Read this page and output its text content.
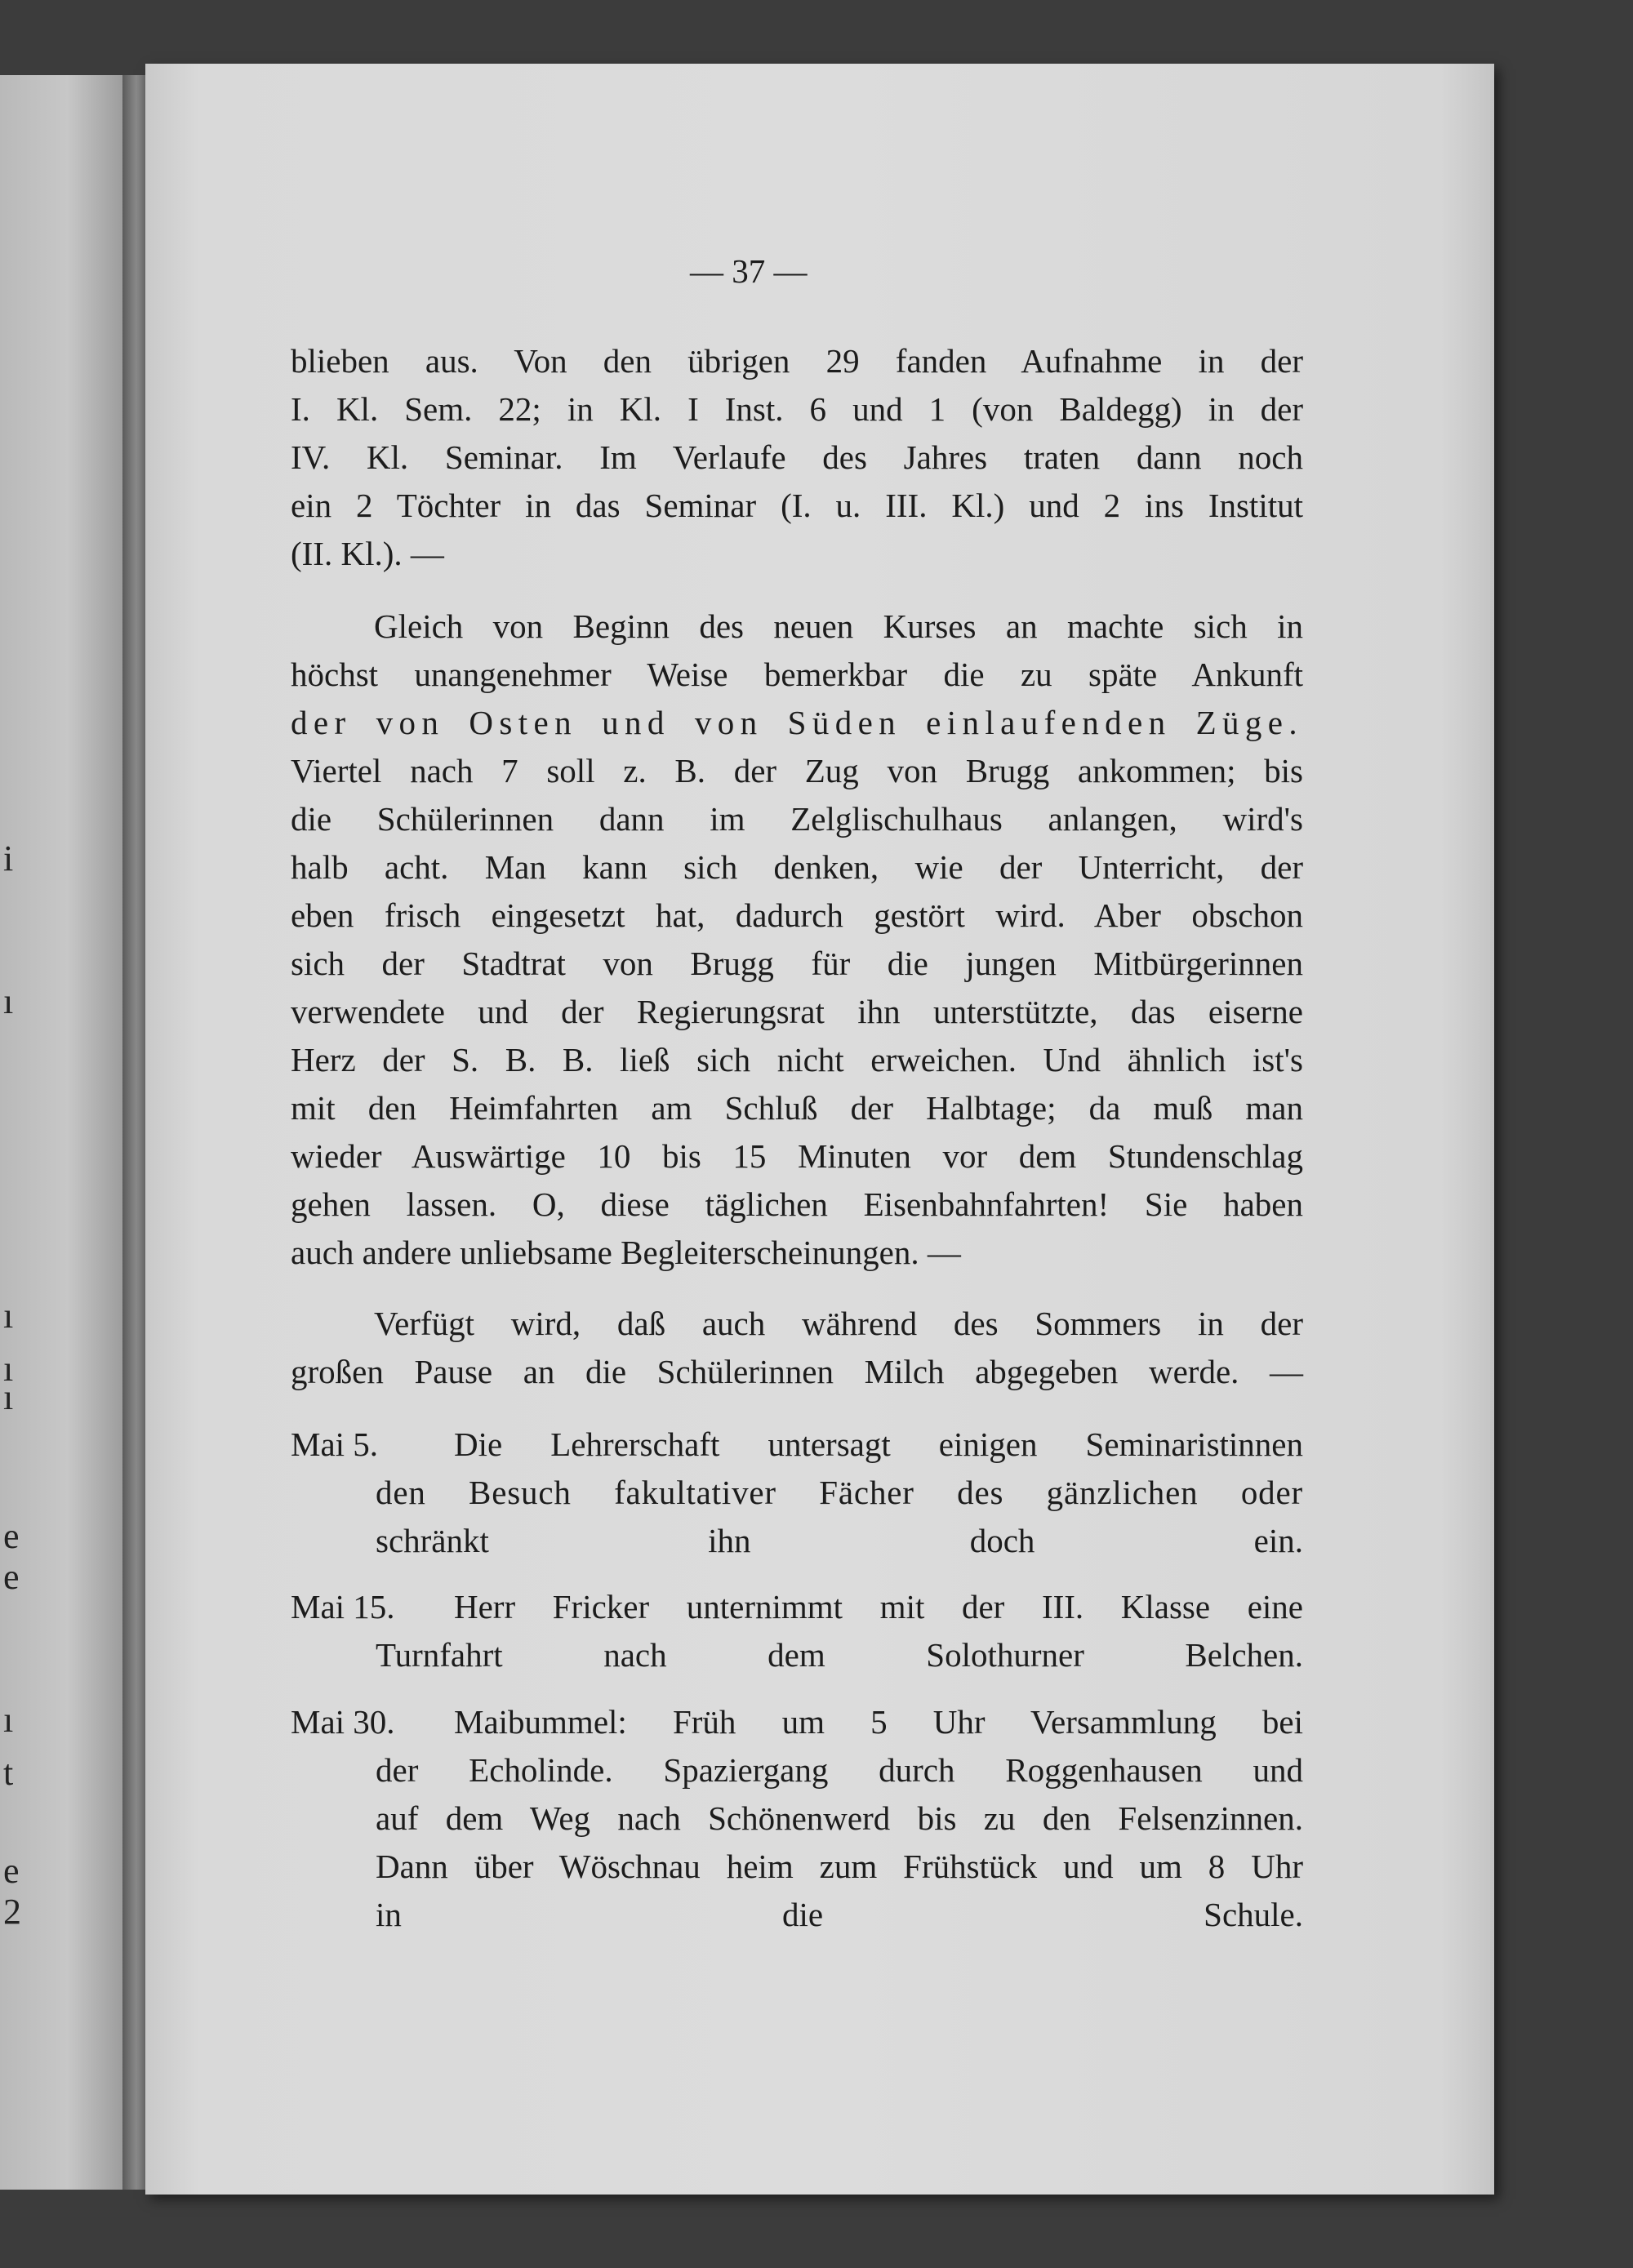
i
ı
ı
ı
ı
e
e
ı
t
e
2
— 37 —
blieben aus. Von den übrigen 29 fanden Aufnahme in der
I. Kl. Sem. 22; in Kl. I Inst. 6 und 1 (von Baldegg) in der
IV. Kl. Seminar. Im Verlaufe des Jahres traten dann noch
ein 2 Töchter in das Seminar (I. u. III. Kl.) und 2 ins Institut
(II. Kl.). —
Gleich von Beginn des neuen Kurses an machte sich in
höchst unangenehmer Weise bemerkbar die zu späte Ankunft
der von Osten und von Süden einlaufenden Züge.
Viertel nach 7 soll z. B. der Zug von Brugg ankommen; bis
die Schülerinnen dann im Zelglischulhaus anlangen, wird's
halb acht. Man kann sich denken, wie der Unterricht, der
eben frisch eingesetzt hat, dadurch gestört wird. Aber obschon
sich der Stadtrat von Brugg für die jungen Mitbürgerinnen
verwendete und der Regierungsrat ihn unterstützte, das eiserne
Herz der S. B. B. ließ sich nicht erweichen. Und ähnlich ist's
mit den Heimfahrten am Schluß der Halbtage; da muß man
wieder Auswärtige 10 bis 15 Minuten vor dem Stundenschlag
gehen lassen. O, diese täglichen Eisenbahnfahrten! Sie haben
auch andere unliebsame Begleiterscheinungen. —
Verfügt wird, daß auch während des Sommers in der
großen Pause an die Schülerinnen Milch abgegeben werde. —
Mai 5. Die Lehrerschaft untersagt einigen Seminaristinnen
den Besuch fakultativer Fächer des gänzlichen oder
schränkt ihn doch ein.
Mai 15. Herr Fricker unternimmt mit der III. Klasse eine
Turnfahrt nach dem Solothurner Belchen.
Mai 30. Maibummel: Früh um 5 Uhr Versammlung bei
der Echolinde. Spaziergang durch Roggenhausen und
auf dem Weg nach Schönenwerd bis zu den Felsenzinnen.
Dann über Wöschnau heim zum Frühstück und um 8 Uhr
in die Schule.
